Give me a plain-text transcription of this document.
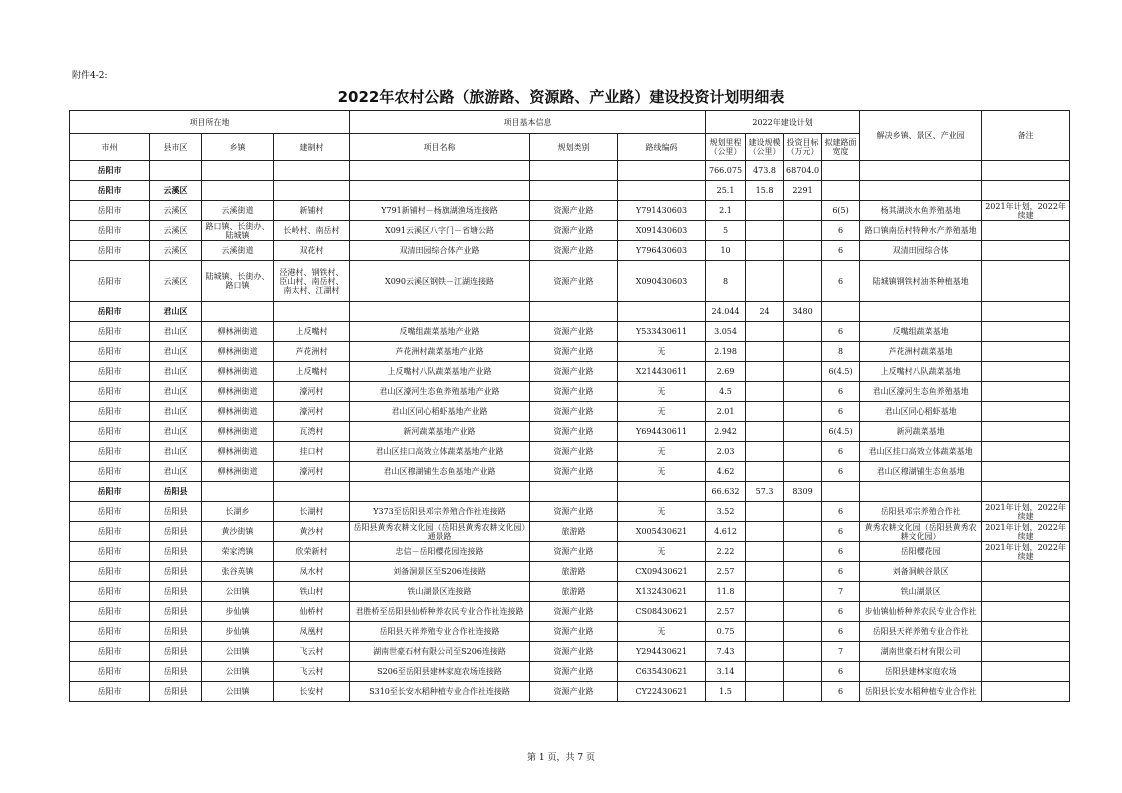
附件4-2:
2022年农村公路（旅游路、资源路、产业路）建设投资计划明细表
项目所在地				项目基本信息			2022年建设计划				解决乡镇、景区、产业园	备注
市州	县市区	乡镇	建制村	项目名称	规划类别	路线编码	规划里程（公里）	建设规模（公里）	投资目标（万元）	拟建路面宽度		
岳阳市							766.075	473.8	68704.0			
岳阳市	云溪区						25.1	15.8	2291			
岳阳市	云溪区	云溪街道	新铺村	Y791新铺村－杨旗湖渔场连接路	资源产业路	Y791430603	2.1			6(5)	杨其湖淡水鱼养殖基地	2021年计划，2022年续建
岳阳市	云溪区	路口镇、长街办、陆城镇	长岭村、南岳村	X091云溪区八字门－省塘公路	资源产业路	X091430603	5			6	路口镇南岳村特种水产养殖基地	
岳阳市	云溪区	云溪街道	双花村	双清田园综合体产业路	资源产业路	Y796430603	10			6	双清田园综合体	
岳阳市	云溪区	陆城镇、长街办、路口镇	泾港村、钢铁村、臣山村、南岳村、南太村、江湖村	X090云溪区钢铁－江湖连接路	资源产业路	X090430603	8			6	陆城镇钢铁村油茶种植基地	
岳阳市	君山区						24.044	24	3480			
岳阳市	君山区	柳林洲街道	上反嘴村	反嘴组蔬菜基地产业路	资源产业路	Y533430611	3.054			6	反嘴组蔬菜基地	
岳阳市	君山区	柳林洲街道	芦花洲村	芦花洲村蔬菜基地产业路	资源产业路	无	2.198			8	芦花洲村蔬菜基地	
岳阳市	君山区	柳林洲街道	上反嘴村	上反嘴村八队蔬菜基地产业路	资源产业路	X214430611	2.69			6(4.5)	上反嘴村八队蔬菜基地	
岳阳市	君山区	柳林洲街道	濠河村	君山区濠河生态鱼养殖基地产业路	资源产业路	无	4.5			6	君山区濠河生态鱼养殖基地	
岳阳市	君山区	柳林洲街道	濠河村	君山区同心稻虾基地产业路	资源产业路	无	2.01			6	君山区同心稻虾基地	
岳阳市	君山区	柳林洲街道	瓦湾村	新河蔬菜基地产业路	资源产业路	Y694430611	2.942			6(4.5)	新河蔬菜基地	
岳阳市	君山区	柳林洲街道	挂口村	君山区挂口高效立体蔬菜基地产业路	资源产业路	无	2.03			6	君山区挂口高效立体蔬菜基地	
岳阳市	君山区	柳林洲街道	濠河村	君山区穆湖铺生态鱼基地产业路	资源产业路	无	4.62			6	君山区穆湖铺生态鱼基地	
岳阳市	岳阳县						66.632	57.3	8309			
岳阳市	岳阳县	长湖乡	长湖村	Y373至岳阳县邓宗养殖合作社连接路	资源产业路	无	3.52			6	岳阳县邓宗养殖合作社	2021年计划，2022年续建
岳阳市	岳阳县	黄沙街镇	黄沙村	岳阳县黄秀农耕文化园（岳阳县黄秀农耕文化园）通景路	旅游路	X005430621	4.612			6	黄秀农耕文化园（岳阳县黄秀农耕文化园）	2021年计划，2022年续建
岳阳市	岳阳县	荣家湾镇	欣荣新村	忠信－岳阳樱花园连接路	资源产业路	无	2.22			6	岳阳樱花园	2021年计划，2022年续建
岳阳市	岳阳县	张谷英镇	凤水村	刘备洞景区至S206连接路	旅游路	CX09430621	2.57			6	刘备洞峡谷景区	
岳阳市	岳阳县	公田镇	铁山村	铁山湖景区连接路	旅游路	X132430621	11.8			7	铁山湖景区	
岳阳市	岳阳县	步仙镇	仙桥村	君胜桥至岳阳县仙桥种养农民专业合作社连接路	资源产业路	CS08430621	2.57			6	步仙镇仙桥种养农民专业合作社	
岳阳市	岳阳县	步仙镇	凤凰村	岳阳县天祥养殖专业合作社连接路	资源产业路	无	0.75			6	岳阳县天祥养殖专业合作社	
岳阳市	岳阳县	公田镇	飞云村	湖南世豪石材有限公司至S206连接路	资源产业路	Y294430621	7.43			7	湖南世豪石材有限公司	
岳阳市	岳阳县	公田镇	飞云村	S206至岳阳县建林家庭农场连接路	资源产业路	C635430621	3.14			6	岳阳县建林家庭农场	
岳阳市	岳阳县	公田镇	长安村	S310至长安水稻种植专业合作社连接路	资源产业路	CY22430621	1.5			6	岳阳县长安水稻种植专业合作社	
第 1 页，共 7 页
